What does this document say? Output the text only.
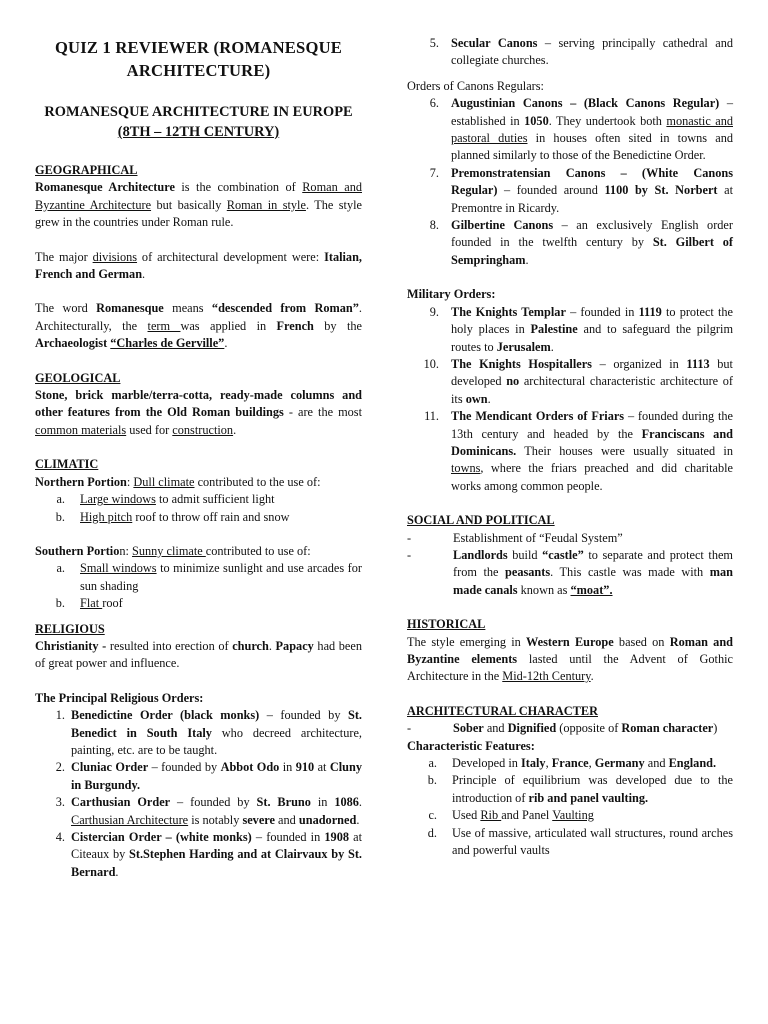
QUIZ 1 REVIEWER (ROMANESQUE ARCHITECTURE)
ROMANESQUE ARCHITECTURE IN EUROPE (8TH – 12TH CENTURY)
GEOGRAPHICAL

Romanesque Architecture is the combination of Roman and Byzantine Architecture but basically Roman in style. The style grew in the countries under Roman rule.

The major divisions of architectural development were: Italian, French and German.

The word Romanesque means “descended from Roman”. Architecturally, the term was applied in French by the Archaeologist “Charles de Gerville”.

GEOLOGICAL

Stone, brick marble/terra-cotta, ready-made columns and other features from the Old Roman buildings - are the most common materials used for construction.

CLIMATIC

Northern Portion: Dull climate contributed to the use of:

a.	Large windows to admit sufficient light
b.	High pitch roof to throw off rain and snow

Southern Portion: Sunny climate contributed to use of:

a.	Small windows to minimize sunlight and use arcades for sun shading
b.	Flat roof
RELIGIOUS

Christianity - resulted into erection of church. Papacy had been of great power and influence.

The Principal Religious Orders:
1. Benedictine Order (black monks) – founded by St. Benedict in South Italy who decreed architecture, painting, etc. are to be taught.
2. Cluniac Order – founded by Abbot Odo in 910 at Cluny in Burgundy.
3. Carthusian Order – founded by St. Bruno in 1086. Carthusian Architecture is notably severe and unadorned.
4. Cistercian Order – (white monks) – founded in 1908 at Citeaux by St.Stephen Harding and at Clairvaux by St. Bernard.
5. Secular Canons – serving principally cathedral and collegiate churches.

Orders of Canons Regulars:

6. Augustinian Canons – (Black Canons Regular) – established in 1050. They undertook both monastic and pastoral duties in houses often sited in towns and planned similarly to those of the Benedictine Order.
7. Premonstratensian Canons – (White Canons Regular) – founded around 1100 by St. Norbert at Premontre in Ricardy.
8. Gilbertine Canons – an exclusively English order founded in the twelfth century by St. Gilbert of Sempringham.
Military Orders:
9. The Knights Templar – founded in 1119 to protect the holy places in Palestine and to safeguard the pilgrim routes to Jerusalem.
10. The Knights Hospitallers – organized in 1113 but developed no architectural characteristic architecture of its own.
11. The Mendicant Orders of Friars – founded during the 13th century and headed by the Franciscans and Dominicans. Their houses were usually situated in towns, where the friars preached and did charitable works among common people.
SOCIAL AND POLITICAL
-	Establishment of “Feudal System”
-	Landlords build “castle” to separate and protect them from the peasants. This castle was made with man made canals known as “moat”.
HISTORICAL

The style emerging in Western Europe based on Roman and Byzantine elements lasted until the Advent of Gothic Architecture in the Mid-12th Century.

ARCHITECTURAL CHARACTER
-	Sober and Dignified (opposite of Roman character)
Characteristic Features:
a.	Developed in Italy, France, Germany and England.
b.	Principle of equilibrium was developed due to the introduction of rib and panel vaulting.
c.	Used Rib and Panel Vaulting
d.	Use of massive, articulated wall structures, round arches and powerful vaults
